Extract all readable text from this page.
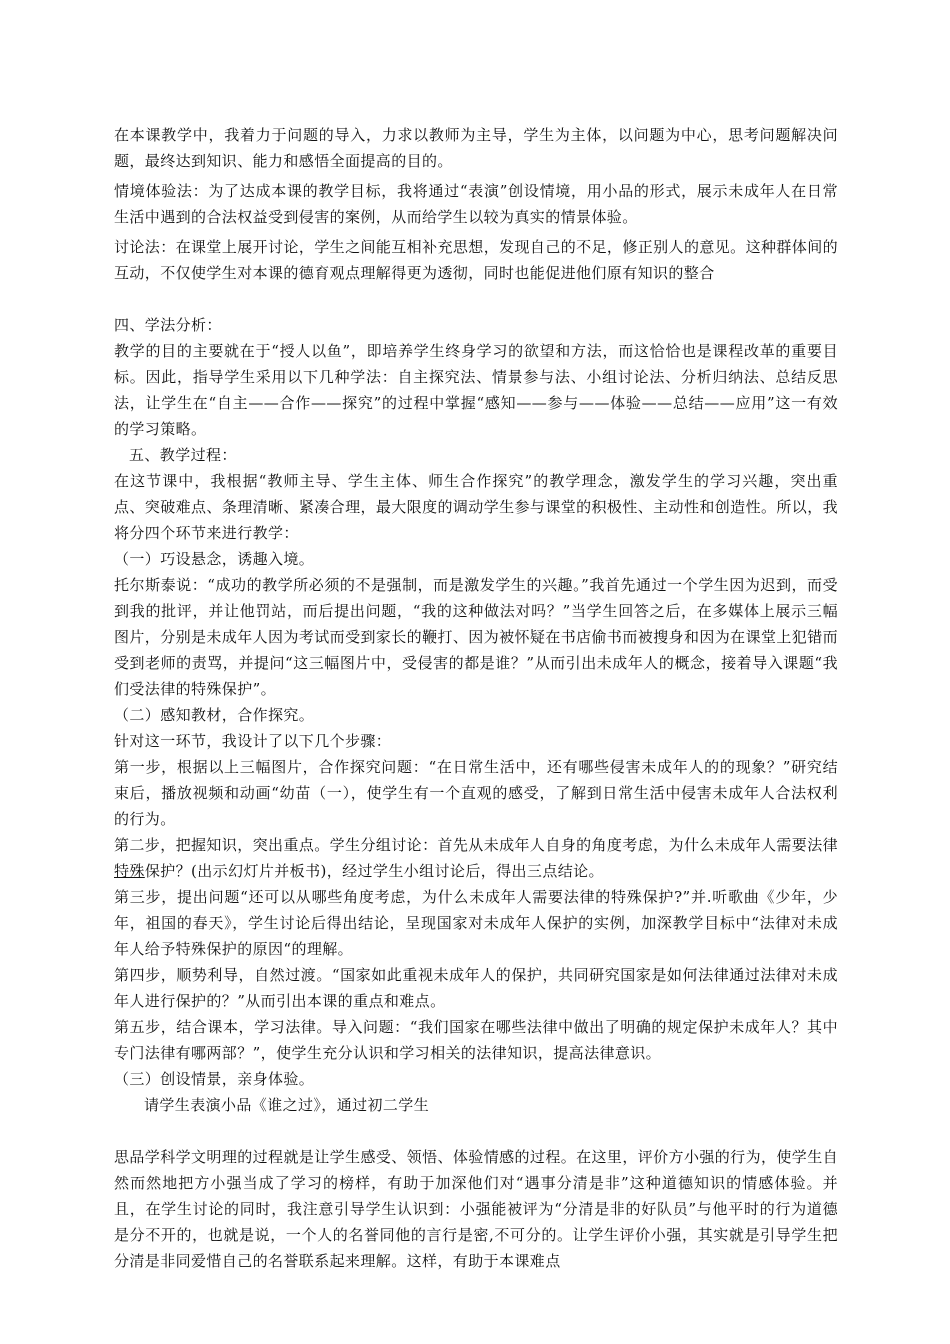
在本课教学中，我着力于问题的导入，力求以教师为主导，学生为主体，以问题为中心，思考问题解决问题，最终达到知识、能力和感悟全面提高的目的。

情境体验法：为了达成本课的教学目标，我将通过“表演”创设情境，用小品的形式，展示未成年人在日常生活中遇到的合法权益受到侵害的案例，从而给学生以较为真实的情景体验。

讨论法：在课堂上展开讨论，学生之间能互相补充思想，发现自己的不足，修正别人的意见。这种群体间的互动，不仅使学生对本课的德育观点理解得更为透彻，同时也能促进他们原有知识的整合

四、学法分析：

教学的目的主要就在于“授人以鱼”，即培养学生终身学习的欲望和方法，而这恰恰也是课程改革的重要目标。因此，指导学生采用以下几种学法：自主探究法、情景参与法、小组讨论法、分析归纳法、总结反思法，让学生在“自主——合作——探究”的过程中掌握“感知——参与——体验——总结——应用”这一有效的学习策略。

五、教学过程：

在这节课中，我根据“教师主导、学生主体、师生合作探究”的教学理念，激发学生的学习兴趣，突出重点、突破难点、条理清晰、紧凑合理，最大限度的调动学生参与课堂的积极性、主动性和创造性。所以，我将分四个环节来进行教学：

（一）巧设悬念，诱趣入境。

托尔斯泰说：“成功的教学所必须的不是强制，而是激发学生的兴趣。”我首先通过一个学生因为迟到，而受到我的批评，并让他罚站，而后提出问题，“我的这种做法对吗？”当学生回答之后，在多媒体上展示三幅图片，分别是未成年人因为考试而受到家长的鞭打、因为被怀疑在书店偷书而被搜身和因为在课堂上犯错而受到老师的责骂，并提问“这三幅图片中，受侵害的都是谁？”从而引出未成年人的概念，接着导入课题“我们受法律的特殊保护”。

（二）感知教材，合作探究。

针对这一环节，我设计了以下几个步骤：

第一步，根据以上三幅图片，合作探究问题：“在日常生活中，还有哪些侵害未成年人的的现象？”研究结束后，播放视频和动画“幼苗（一），使学生有一个直观的感受，了解到日常生活中侵害未成年人合法权利的行为。

第二步，把握知识，突出重点。学生分组讨论：首先从未成年人自身的角度考虑，为什么未成年人需要法律特殊保护？(出示幻灯片并板书)，经过学生小组讨论后，得出三点结论。

第三步，提出问题“还可以从哪些角度考虑，为什么未成年人需要法律的特殊保护?”并.听歌曲《少年，少年，祖国的春天》，学生讨论后得出结论，呈现国家对未成年人保护的实例，加深教学目标中“法律对未成年人给予特殊保护的原因“的理解。

第四步，顺势利导，自然过渡。“国家如此重视未成年人的保护，共同研究国家是如何法律通过法律对未成年人进行保护的？”从而引出本课的重点和难点。

第五步，结合课本，学习法律。导入问题：“我们国家在哪些法律中做出了明确的规定保护未成年人？其中专门法律有哪两部？”，使学生充分认识和学习相关的法律知识，提高法律意识。

（三）创设情景，亲身体验。

请学生表演小品《谁之过》，通过初二学生

思品学科学文明理的过程就是让学生感受、领悟、体验情感的过程。在这里，评价方小强的行为，使学生自然而然地把方小强当成了学习的榜样，有助于加深他们对“遇事分清是非”这种道德知识的情感体验。并且，在学生讨论的同时，我注意引导学生认识到：小强能被评为“分清是非的好队员”与他平时的行为道德是分不开的，也就是说，一个人的名誉同他的言行是密,不可分的。让学生评价小强，其实就是引导学生把分清是非同爱惜自己的名誉联系起来理解。这样，有助于本课难点
